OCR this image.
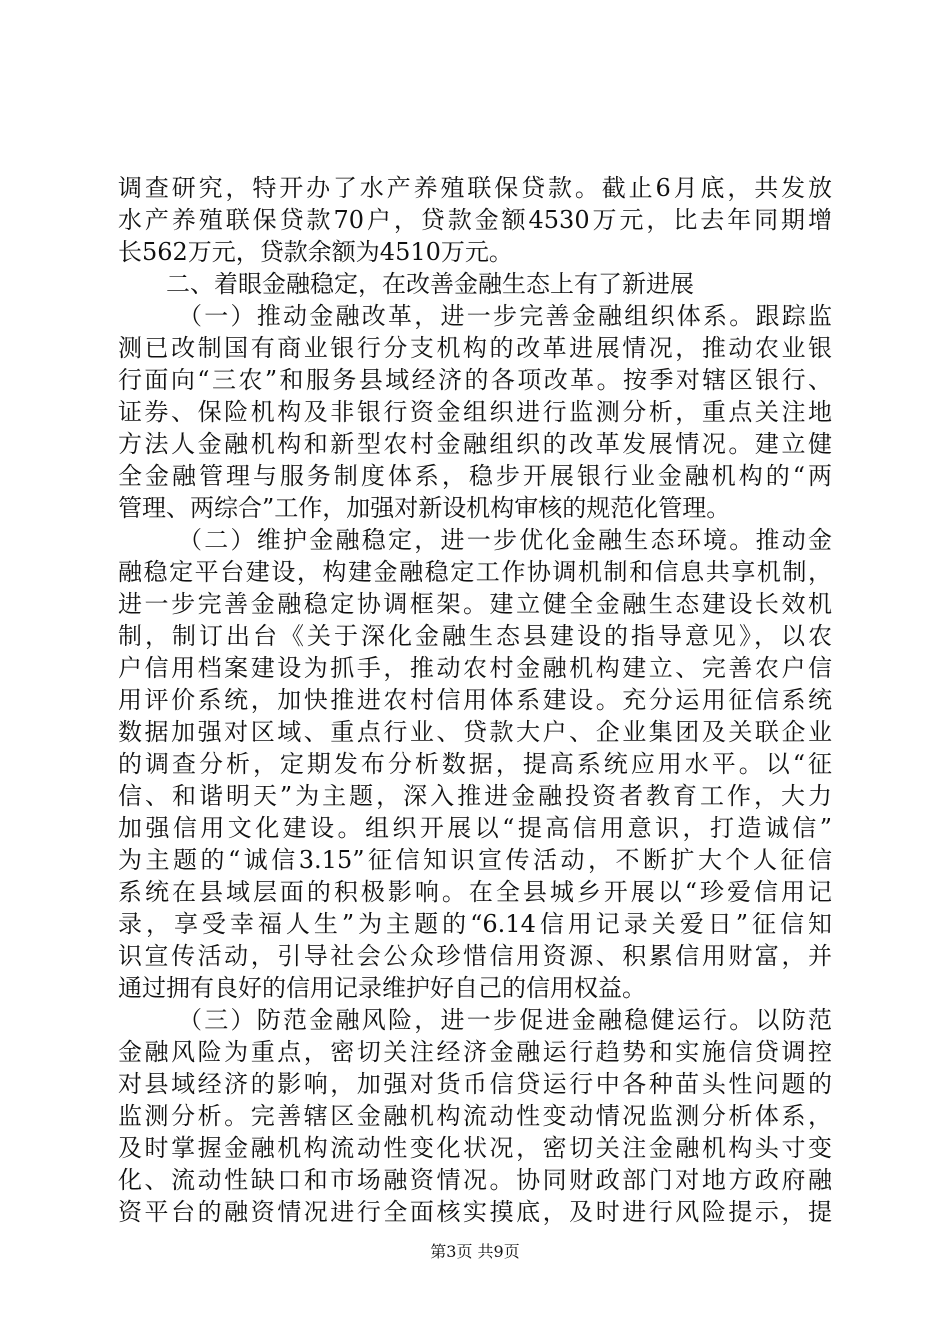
调查研究，特开办了水产养殖联保贷款。截止6月底，共发放
水产养殖联保贷款70户，贷款金额4530万元，比去年同期增
长562万元，贷款余额为4510万元。
二、着眼金融稳定，在改善金融生态上有了新进展
（一）推动金融改革，进一步完善金融组织体系。跟踪监
测已改制国有商业银行分支机构的改革进展情况，推动农业银
行面向“三农”和服务县域经济的各项改革。按季对辖区银行、
证券、保险机构及非银行资金组织进行监测分析，重点关注地
方法人金融机构和新型农村金融组织的改革发展情况。建立健
全金融管理与服务制度体系，稳步开展银行业金融机构的“两
管理、两综合”工作，加强对新设机构审核的规范化管理。
（二）维护金融稳定，进一步优化金融生态环境。推动金
融稳定平台建设，构建金融稳定工作协调机制和信息共享机制，
进一步完善金融稳定协调框架。建立健全金融生态建设长效机
制，制订出台《关于深化金融生态县建设的指导意见》，以农
户信用档案建设为抓手，推动农村金融机构建立、完善农户信
用评价系统，加快推进农村信用体系建设。充分运用征信系统
数据加强对区域、重点行业、贷款大户、企业集团及关联企业
的调查分析，定期发布分析数据，提高系统应用水平。以“征
信、和谐明天”为主题，深入推进金融投资者教育工作，大力
加强信用文化建设。组织开展以“提高信用意识，打造诚信”
为主题的“诚信3.15”征信知识宣传活动，不断扩大个人征信
系统在县域层面的积极影响。在全县城乡开展以“珍爱信用记
录，享受幸福人生”为主题的“6.14信用记录关爱日”征信知
识宣传活动，引导社会公众珍惜信用资源、积累信用财富，并
通过拥有良好的信用记录维护好自己的信用权益。
（三）防范金融风险，进一步促进金融稳健运行。以防范
金融风险为重点，密切关注经济金融运行趋势和实施信贷调控
对县域经济的影响，加强对货币信贷运行中各种苗头性问题的
监测分析。完善辖区金融机构流动性变动情况监测分析体系，
及时掌握金融机构流动性变化状况，密切关注金融机构头寸变
化、流动性缺口和市场融资情况。协同财政部门对地方政府融
资平台的融资情况进行全面核实摸底，及时进行风险提示，提
第3页 共9页
